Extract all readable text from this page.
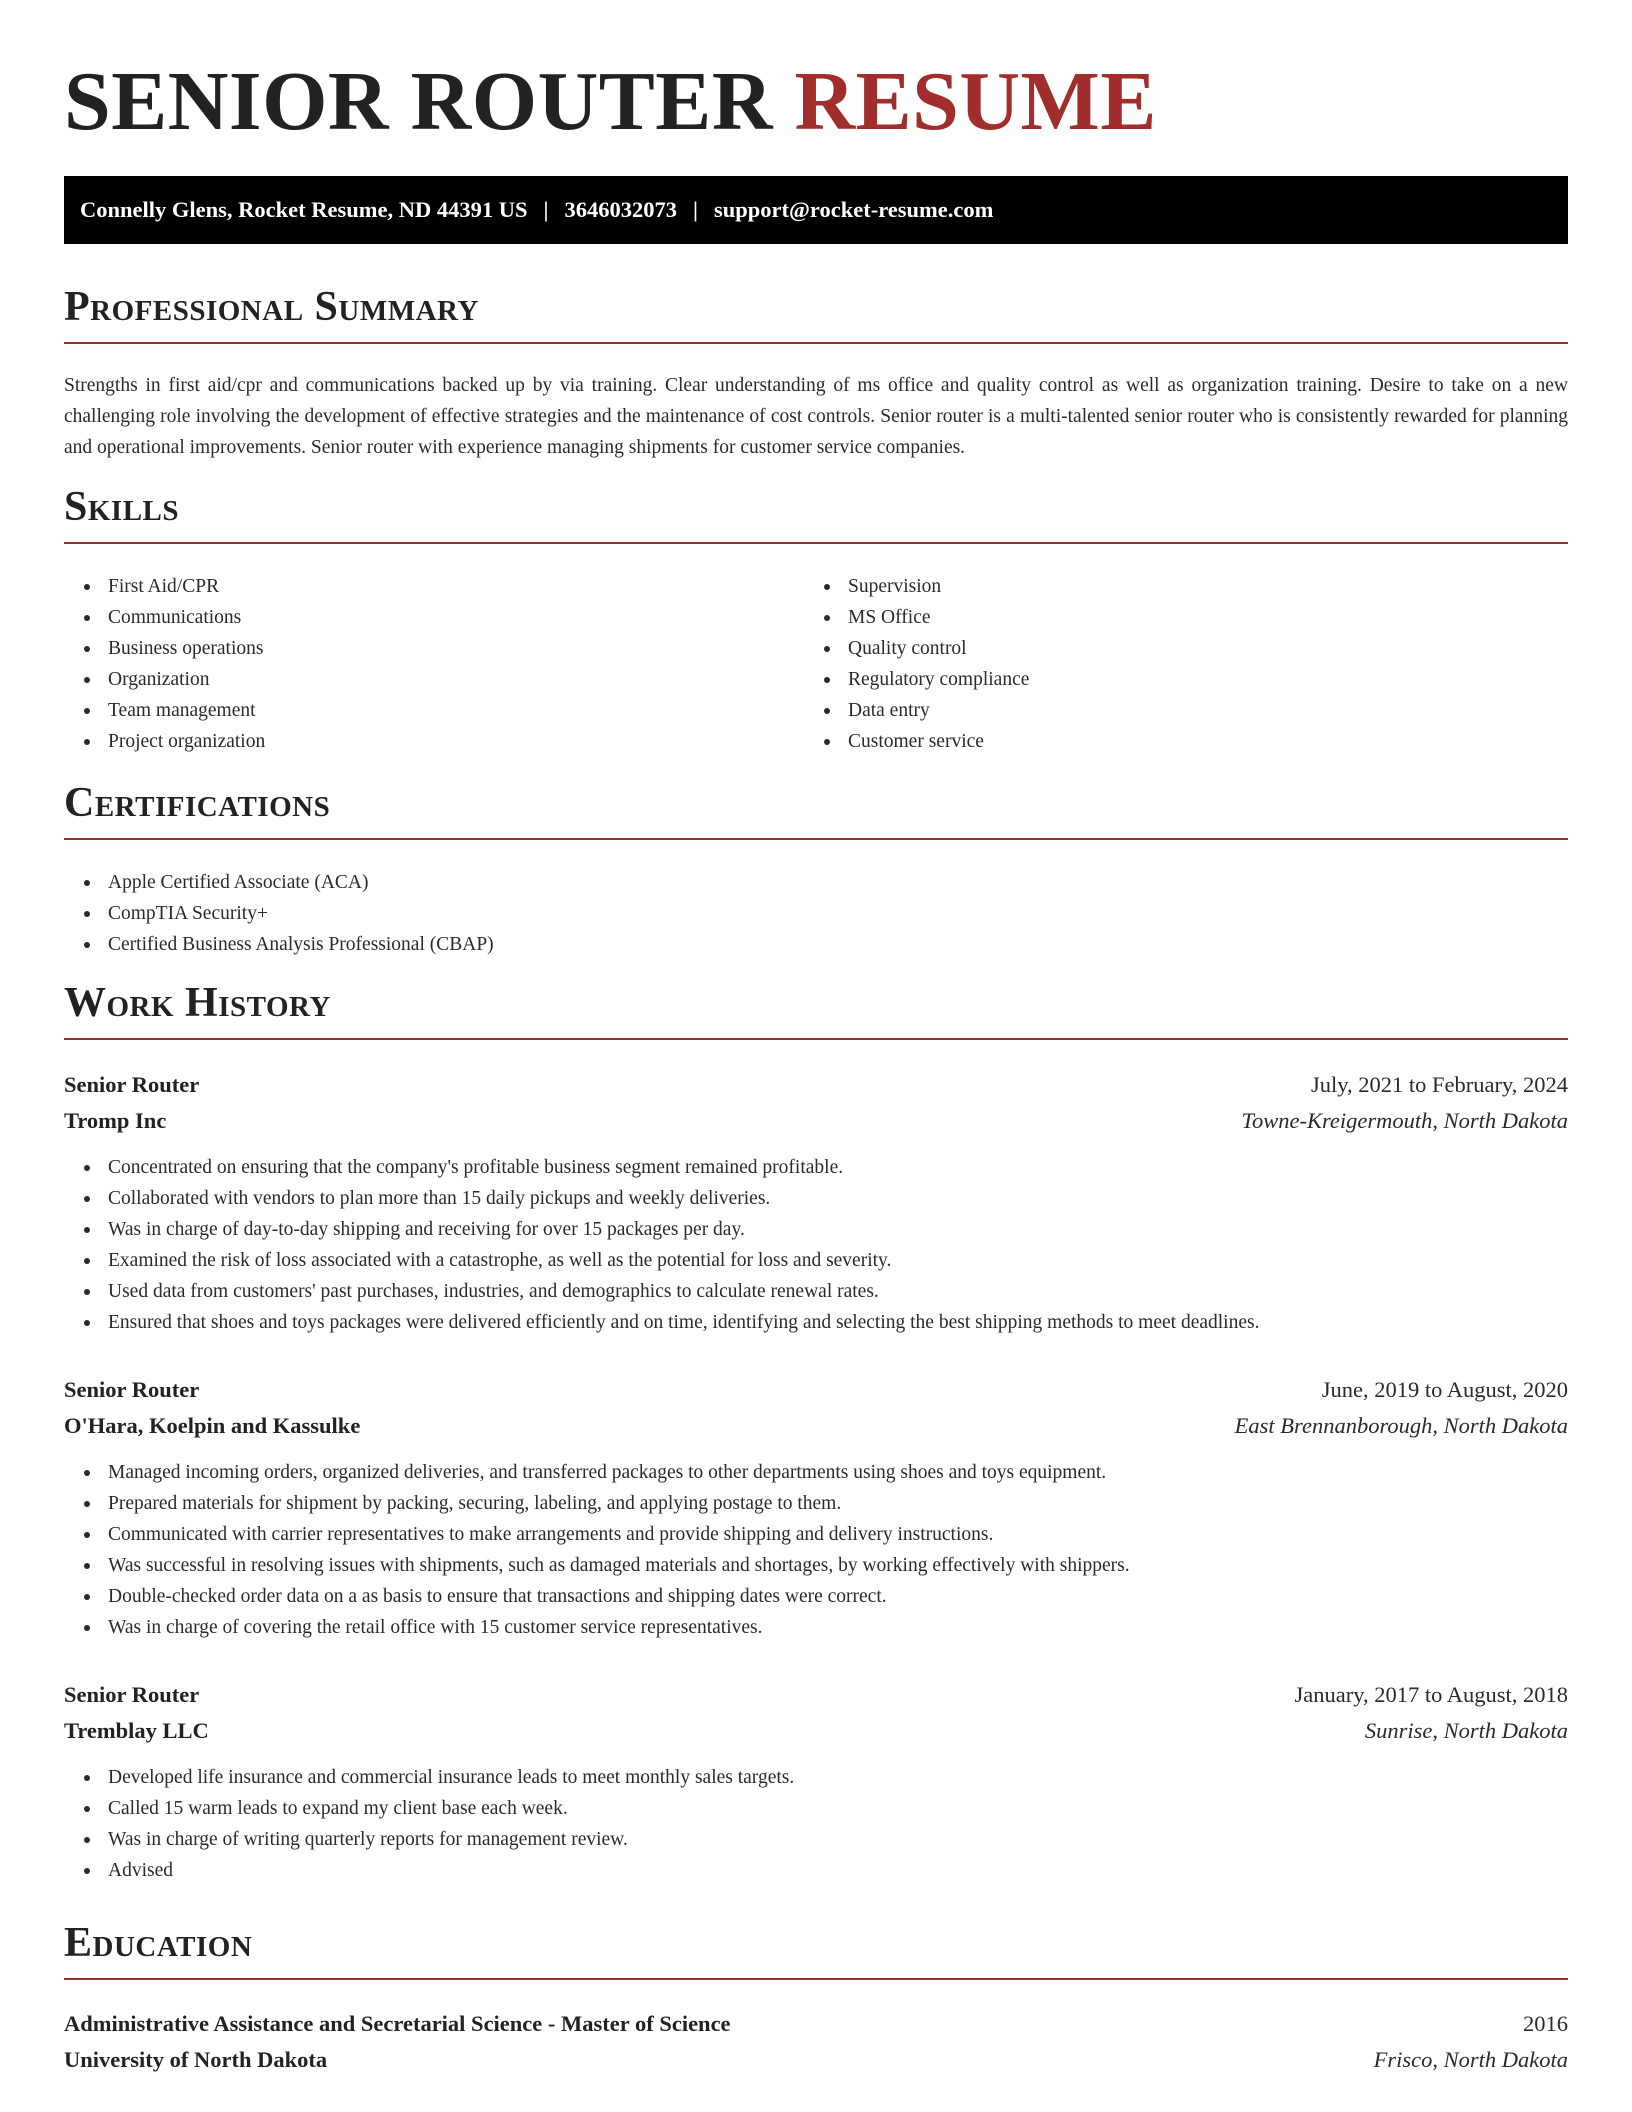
SENIOR ROUTER RESUME
Connelly Glens, Rocket Resume, ND 44391 US | 3646032073 | support@rocket-resume.com
Professional Summary
Strengths in first aid/cpr and communications backed up by via training. Clear understanding of ms office and quality control as well as organization training. Desire to take on a new challenging role involving the development of effective strategies and the maintenance of cost controls. Senior router is a multi-talented senior router who is consistently rewarded for planning and operational improvements. Senior router with experience managing shipments for customer service companies.
Skills
First Aid/CPR
Communications
Business operations
Organization
Team management
Project organization
Supervision
MS Office
Quality control
Regulatory compliance
Data entry
Customer service
Certifications
Apple Certified Associate (ACA)
CompTIA Security+
Certified Business Analysis Professional (CBAP)
Work History
Senior Router	July, 2021 to February, 2024
Tromp Inc	Towne-Kreigermouth, North Dakota
Concentrated on ensuring that the company's profitable business segment remained profitable.
Collaborated with vendors to plan more than 15 daily pickups and weekly deliveries.
Was in charge of day-to-day shipping and receiving for over 15 packages per day.
Examined the risk of loss associated with a catastrophe, as well as the potential for loss and severity.
Used data from customers' past purchases, industries, and demographics to calculate renewal rates.
Ensured that shoes and toys packages were delivered efficiently and on time, identifying and selecting the best shipping methods to meet deadlines.
Senior Router	June, 2019 to August, 2020
O'Hara, Koelpin and Kassulke	East Brennanborough, North Dakota
Managed incoming orders, organized deliveries, and transferred packages to other departments using shoes and toys equipment.
Prepared materials for shipment by packing, securing, labeling, and applying postage to them.
Communicated with carrier representatives to make arrangements and provide shipping and delivery instructions.
Was successful in resolving issues with shipments, such as damaged materials and shortages, by working effectively with shippers.
Double-checked order data on a as basis to ensure that transactions and shipping dates were correct.
Was in charge of covering the retail office with 15 customer service representatives.
Senior Router	January, 2017 to August, 2018
Tremblay LLC	Sunrise, North Dakota
Developed life insurance and commercial insurance leads to meet monthly sales targets.
Called 15 warm leads to expand my client base each week.
Was in charge of writing quarterly reports for management review.
Advised
Education
Administrative Assistance and Secretarial Science - Master of Science	2016
University of North Dakota	Frisco, North Dakota
